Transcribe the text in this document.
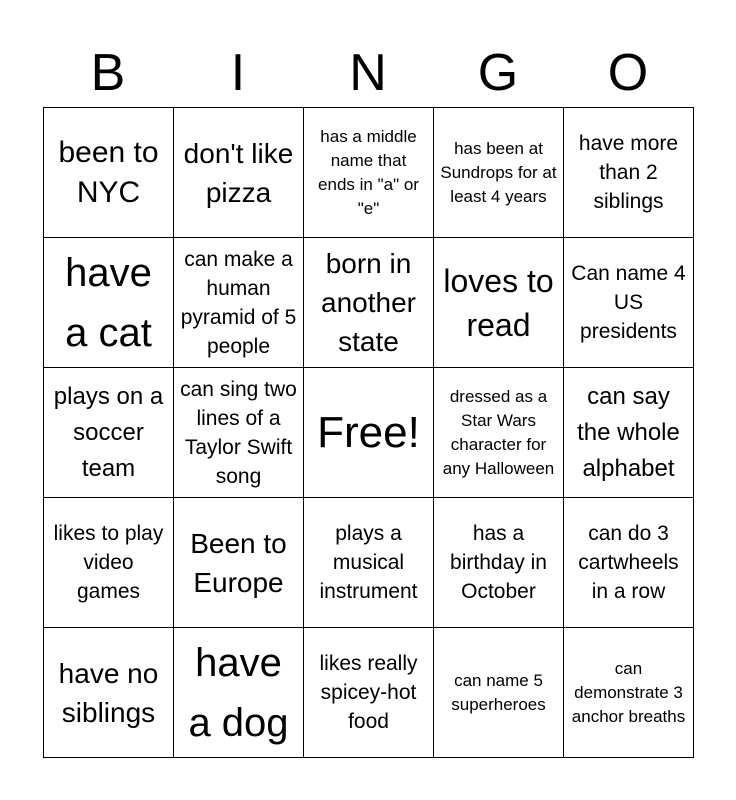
B	I	N	G	O
been to NYC	don't like pizza	has a middle name that ends in "a" or "e"	has been at Sundrops for at least 4 years	have more than 2 siblings

have a cat	can make a human pyramid of 5 people	born in another state	loves to read	Can name 4 US presidents

plays on a soccer team	can sing two lines of a Taylor Swift song	Free!	dressed as a Star Wars character for any Halloween	can say the whole alphabet

likes to play video games	Been to Europe	plays a musical instrument	has a birthday in October	can do 3 cartwheels in a row

have no siblings	have a dog	likes really spicey-hot food	can name 5 superheroes	can demonstrate 3 anchor breaths
